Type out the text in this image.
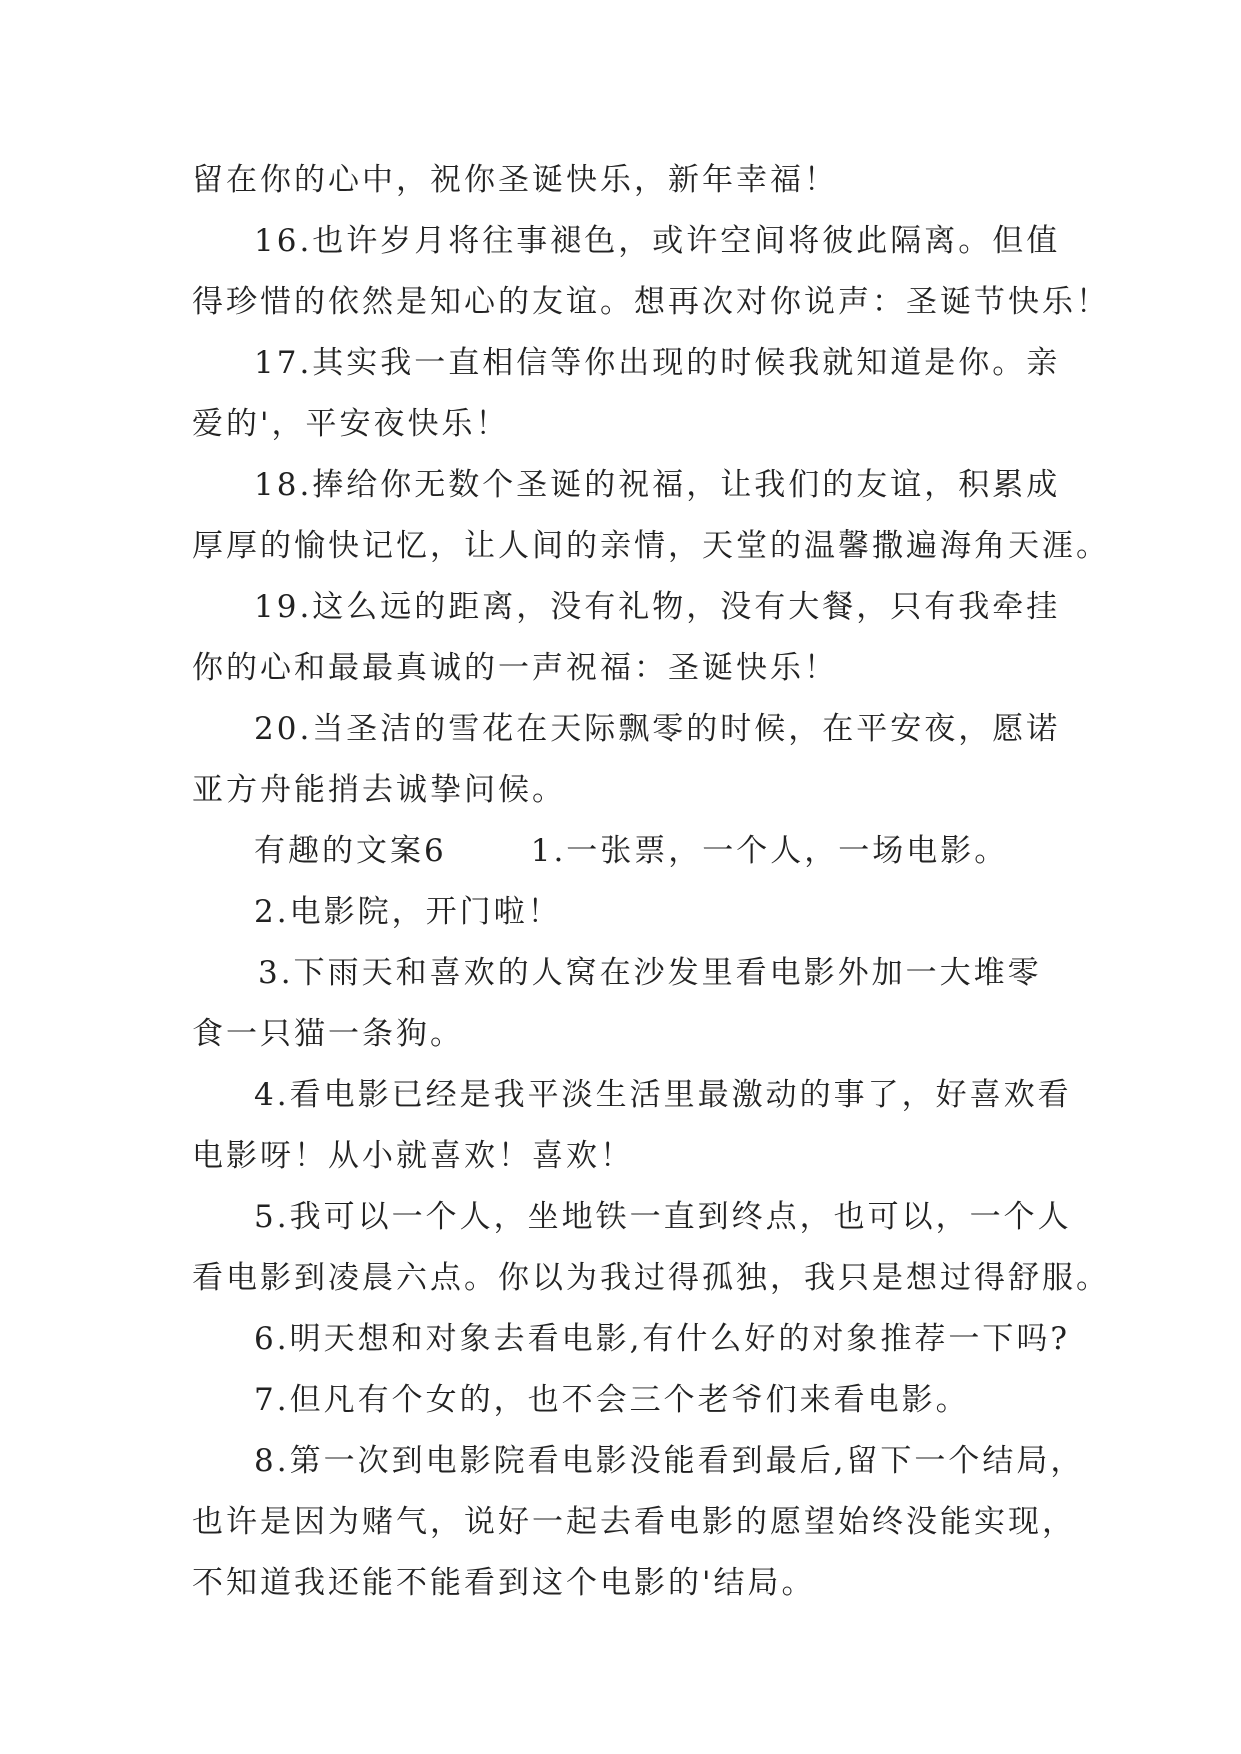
留在你的心中，祝你圣诞快乐，新年幸福！
16.也许岁月将往事褪色，或许空间将彼此隔离。但值
得珍惜的依然是知心的友谊。想再次对你说声：圣诞节快乐！
17.其实我一直相信等你出现的时候我就知道是你。亲
爱的'，平安夜快乐！
18.捧给你无数个圣诞的祝福，让我们的友谊，积累成
厚厚的愉快记忆，让人间的亲情，天堂的温馨撒遍海角天涯。
19.这么远的距离，没有礼物，没有大餐，只有我牵挂
你的心和最最真诚的一声祝福：圣诞快乐！
20.当圣洁的雪花在天际飘零的时候，在平安夜，愿诺
亚方舟能捎去诚挚问候。
有趣的文案6	1.一张票，一个人，一场电影。
2.电影院，开门啦！
3.下雨天和喜欢的人窝在沙发里看电影外加一大堆零
食一只猫一条狗。
4.看电影已经是我平淡生活里最激动的事了，好喜欢看
电影呀！从小就喜欢！喜欢！
5.我可以一个人，坐地铁一直到终点，也可以，一个人
看电影到凌晨六点。你以为我过得孤独，我只是想过得舒服。
6.明天想和对象去看电影,有什么好的对象推荐一下吗?
7.但凡有个女的，也不会三个老爷们来看电影。
8.第一次到电影院看电影没能看到最后,留下一个结局，
也许是因为赌气，说好一起去看电影的愿望始终没能实现，
不知道我还能不能看到这个电影的'结局。
